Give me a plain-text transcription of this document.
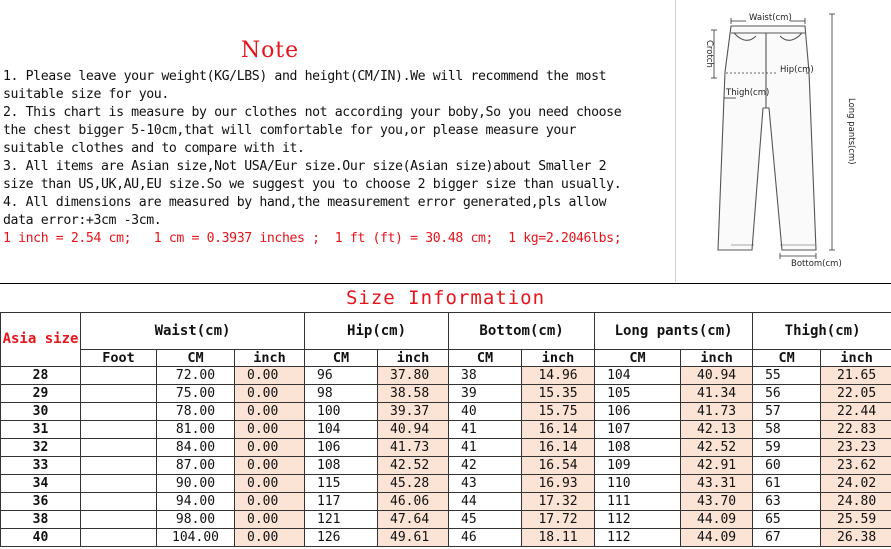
Note
1. Please leave your weight(KG/LBS) and height(CM/IN).We will recommend the most
suitable size for you.
2. This chart is measure by our clothes not according your boby,So you need choose
the chest bigger 5-10cm,that will comfortable for you,or please measure your
suitable clothes and to compare with it.
3. All items are Asian size,Not USA/Eur size.Our size(Asian size)about Smaller 2
size than US,UK,AU,EU size.So we suggest you to choose 2 bigger size than usually.
4. All dimensions are measured by hand,the measurement error generated,pls allow
data error:+3cm -3cm.
1 inch = 2.54 cm;   1 cm = 0.3937 inches ;  1 ft (ft) = 30.48 cm;  1 kg=2.2046lbs;
Waist(cm)
Crotch
Hip(cm)
Thigh(cm)
Long pants(cm)
Bottom(cm)
Size Information
Asia size	Waist(cm)			Hip(cm)		Bottom(cm)		Long pants(cm)		Thigh(cm)	
	Foot	CM	inch	CM	inch	CM	inch	CM	inch	CM	inch
28		72.00	0.00	96	37.80	38	14.96	104	40.94	55	21.65
29		75.00	0.00	98	38.58	39	15.35	105	41.34	56	22.05
30		78.00	0.00	100	39.37	40	15.75	106	41.73	57	22.44
31		81.00	0.00	104	40.94	41	16.14	107	42.13	58	22.83
32		84.00	0.00	106	41.73	41	16.14	108	42.52	59	23.23
33		87.00	0.00	108	42.52	42	16.54	109	42.91	60	23.62
34		90.00	0.00	115	45.28	43	16.93	110	43.31	61	24.02
36		94.00	0.00	117	46.06	44	17.32	111	43.70	63	24.80
38		98.00	0.00	121	47.64	45	17.72	112	44.09	65	25.59
40		104.00	0.00	126	49.61	46	18.11	112	44.09	67	26.38
